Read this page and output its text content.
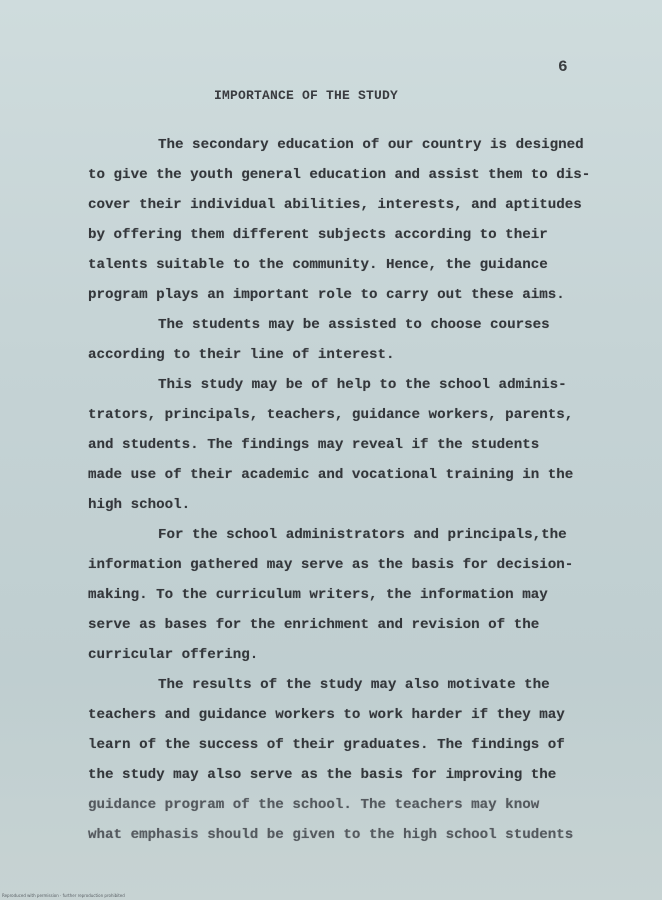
6
IMPORTANCE OF THE STUDY
The secondary education of our country is designed
to give the youth general education and assist them to dis-
cover their individual abilities, interests, and aptitudes
by offering them different subjects according to their
talents suitable to the community. Hence, the guidance
program plays an important role to carry out these aims.
The students may be assisted to choose courses
according to their line of interest.
This study may be of help to the school adminis-
trators, principals, teachers, guidance workers, parents,
and students. The findings may reveal if the students
made use of their academic and vocational training in the
high school.
For the school administrators and principals,the
information gathered may serve as the basis for decision-
making. To the curriculum writers, the information may
serve as bases for the enrichment and revision of the
curricular offering.
The results of the study may also motivate the
teachers and guidance workers to work harder if they may
learn of the success of their graduates. The findings of
the study may also serve as the basis for improving the
guidance program of the school. The teachers may know
what emphasis should be given to the high school students
Reproduced with permission · further reproduction prohibited
